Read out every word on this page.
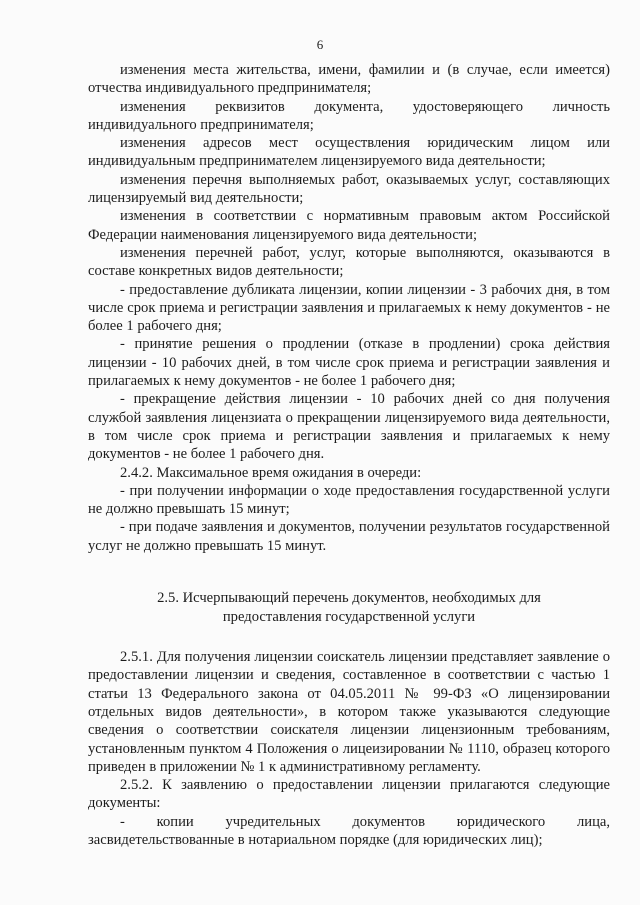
6

изменения места жительства, имени, фамилии и (в случае, если имеется) отчества индивидуального предпринимателя;

изменения реквизитов документа, удостоверяющего личность индивидуального предпринимателя;

изменения адресов мест осуществления юридическим лицом или индивидуальным предпринимателем лицензируемого вида деятельности;

изменения перечня выполняемых работ, оказываемых услуг, составляющих лицензируемый вид деятельности;

изменения в соответствии с нормативным правовым актом Российской Федерации наименования лицензируемого вида деятельности;

изменения перечней работ, услуг, которые выполняются, оказываются в составе конкретных видов деятельности;

- предоставление дубликата лицензии, копии лицензии - 3 рабочих дня, в том числе срок приема и регистрации заявления и прилагаемых к нему документов - не более 1 рабочего дня;

- принятие решения о продлении (отказе в продлении) срока действия лицензии - 10 рабочих дней, в том числе срок приема и регистрации заявления и прилагаемых к нему документов - не более 1 рабочего дня;

- прекращение действия лицензии - 10 рабочих дней со дня получения службой заявления лицензиата о прекращении лицензируемого вида деятельности, в том числе срок приема и регистрации заявления и прилагаемых к нему документов - не более 1 рабочего дня.

2.4.2. Максимальное время ожидания в очереди:

- при получении информации о ходе предоставления государственной услуги не должно превышать 15 минут;

- при подаче заявления и документов, получении результатов государственной услуг не должно превышать 15 минут.

2.5. Исчерпывающий перечень документов, необходимых для
предоставления государственной услуги

2.5.1. Для получения лицензии соискатель лицензии представляет заявление о предоставлении лицензии и сведения, составленное в соответствии с частью 1 статьи 13 Федерального закона от 04.05.2011 № 99-ФЗ «О лицензировании отдельных видов деятельности», в котором также указываются следующие сведения о соответствии соискателя лицензии лицензионным требованиям, установленным пунктом 4 Положения о лицеизировании № 1110, образец которого приведен в приложении № 1 к административному регламенту.

2.5.2. К заявлению о предоставлении лицензии прилагаются следующие документы:

- копии учредительных документов юридического лица, засвидетельствованные в нотариальном порядке (для юридических лиц);
